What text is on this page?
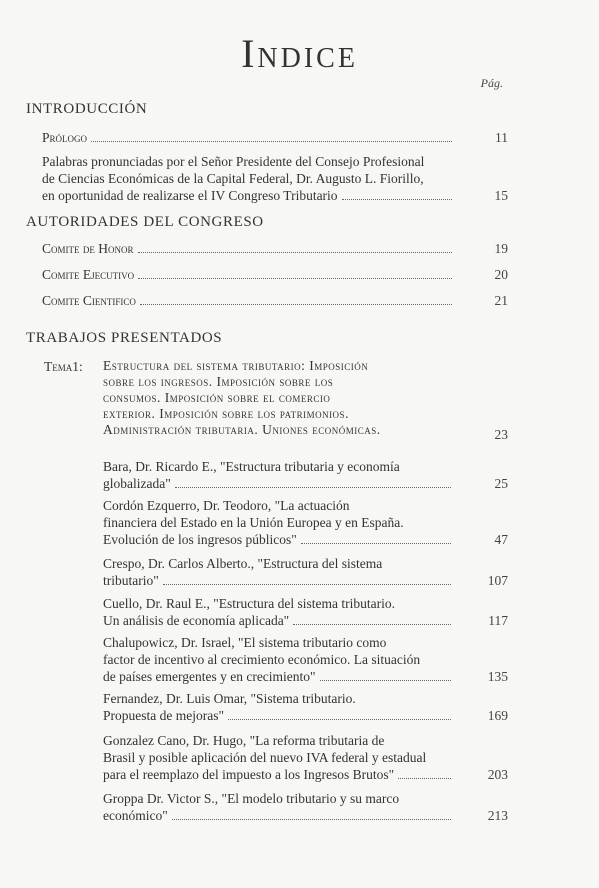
Indice
Pág.
INTRODUCCIÓN
Prólogo	11
Palabras pronunciadas por el Señor Presidente del Consejo Profesional
de Ciencias Económicas de la Capital Federal, Dr. Augusto L. Fiorillo,
en oportunidad de realizarse el IV Congreso Tributario	15
AUTORIDADES DEL CONGRESO
Comite de Honor	19
Comite Ejecutivo	20
Comite Cientifico	21
TRABAJOS PRESENTADOS
Tema1: Estructura del sistema tributario: Imposición
sobre los ingresos. Imposición sobre los
consumos. Imposición sobre el comercio
exterior. Imposición sobre los patrimonios.
Administración tributaria. Uniones económicas.	23
Bara, Dr. Ricardo E., "Estructura tributaria y economía
globalizada"	25
Cordón Ezquerro, Dr. Teodoro, "La actuación
financiera del Estado en la Unión Europea y en España.
Evolución de los ingresos públicos"	47
Crespo, Dr. Carlos Alberto., "Estructura del sistema
tributario"	107
Cuello, Dr. Raul E., "Estructura del sistema tributario.
Un análisis de economía aplicada"	117
Chalupowicz, Dr. Israel, "El sistema tributario como
factor de incentivo al crecimiento económico. La situación
de países emergentes y en crecimiento"	135
Fernandez, Dr. Luis Omar, "Sistema tributario.
Propuesta de mejoras"	169
Gonzalez Cano, Dr. Hugo, "La reforma tributaria de
Brasil y posible aplicación del nuevo IVA federal y estadual
para el reemplazo del impuesto a los Ingresos Brutos"	203
Groppa Dr. Victor S., "El modelo tributario y su marco
económico"	213
